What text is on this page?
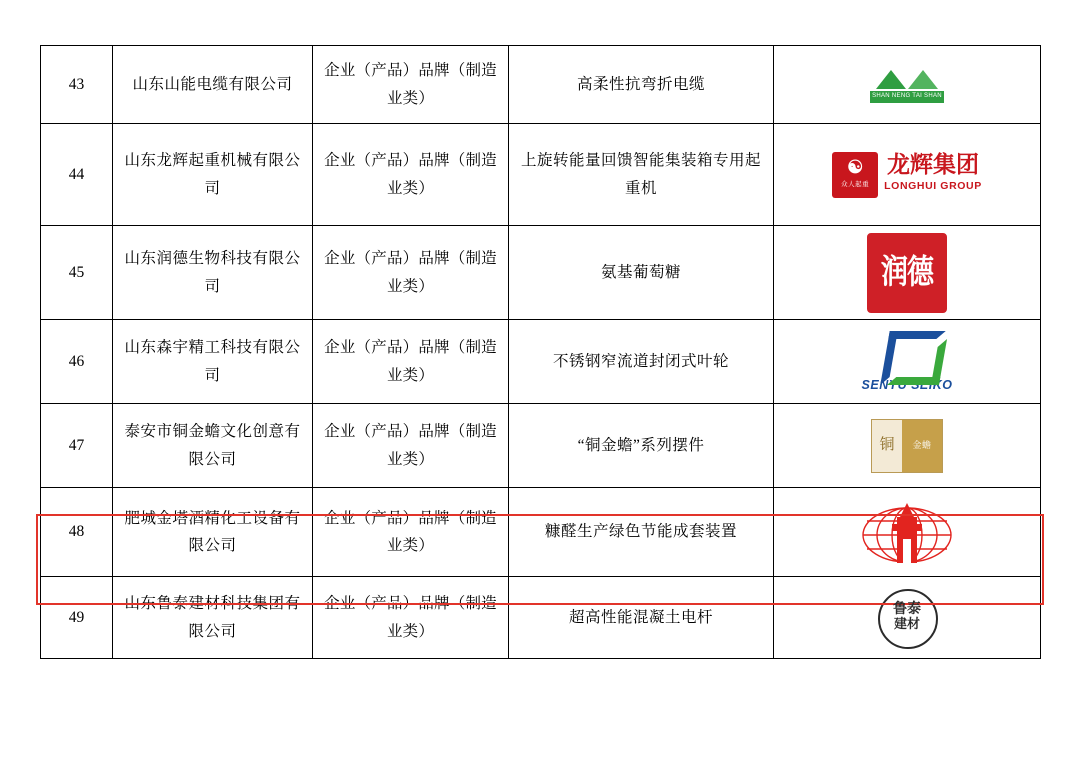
43	山东山能电缆有限公司	企业（产品）品牌（制造业类）	高柔性抗弯折电缆	SHAN NENG TAI SHAN

44	山东龙辉起重机械有限公司	企业（产品）品牌（制造业类）	上旋转能量回馈智能集装箱专用起重机	☯
众人起重
龙辉集团
LONGHUI GROUP

45	山东润德生物科技有限公司	企业（产品）品牌（制造业类）	氨基葡萄糖	润德

46	山东森宇精工科技有限公司	企业（产品）品牌（制造业类）	不锈钢窄流道封闭式叶轮	SENYU SEIKO

47	泰安市铜金蟾文化创意有限公司	企业（产品）品牌（制造业类）	“铜金蟾”系列摆件	铜 金蟾

48	肥城金塔酒精化工设备有限公司	企业（产品）品牌（制造业类）	糠醛生产绿色节能成套装置	

49	山东鲁泰建材科技集团有限公司	企业（产品）品牌（制造业类）	超高性能混凝土电杆	鲁泰
建材
